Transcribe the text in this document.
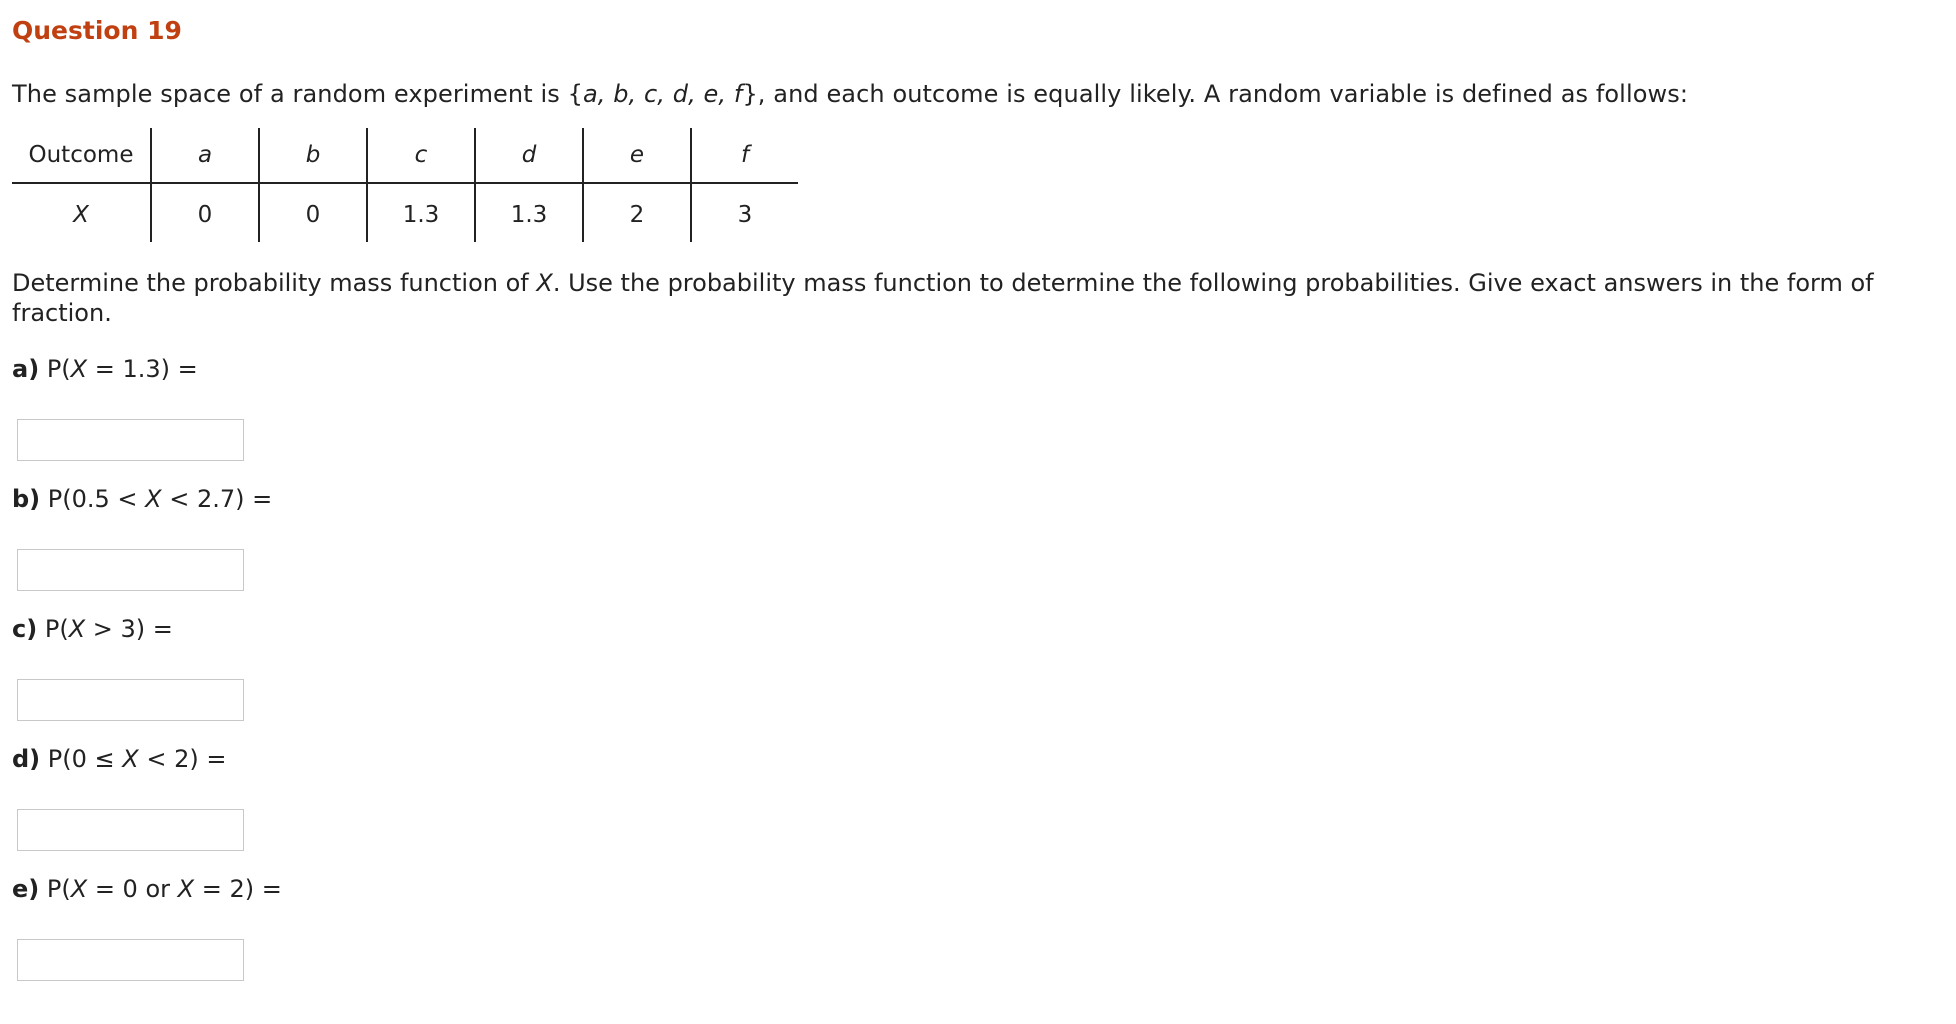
Question 19
The sample space of a random experiment is {a, b, c, d, e, f}, and each outcome is equally likely. A random variable is defined as follows:
Outcome	a	b	c	d	e	f
X	0	0	1.3	1.3	2	3
Determine the probability mass function of X. Use the probability mass function to determine the following probabilities. Give exact answers in the form of fraction.
a) P(X = 1.3) =
b) P(0.5 < X < 2.7) =
c) P(X > 3) =
d) P(0 ≤ X < 2) =
e) P(X = 0 or X = 2) =
